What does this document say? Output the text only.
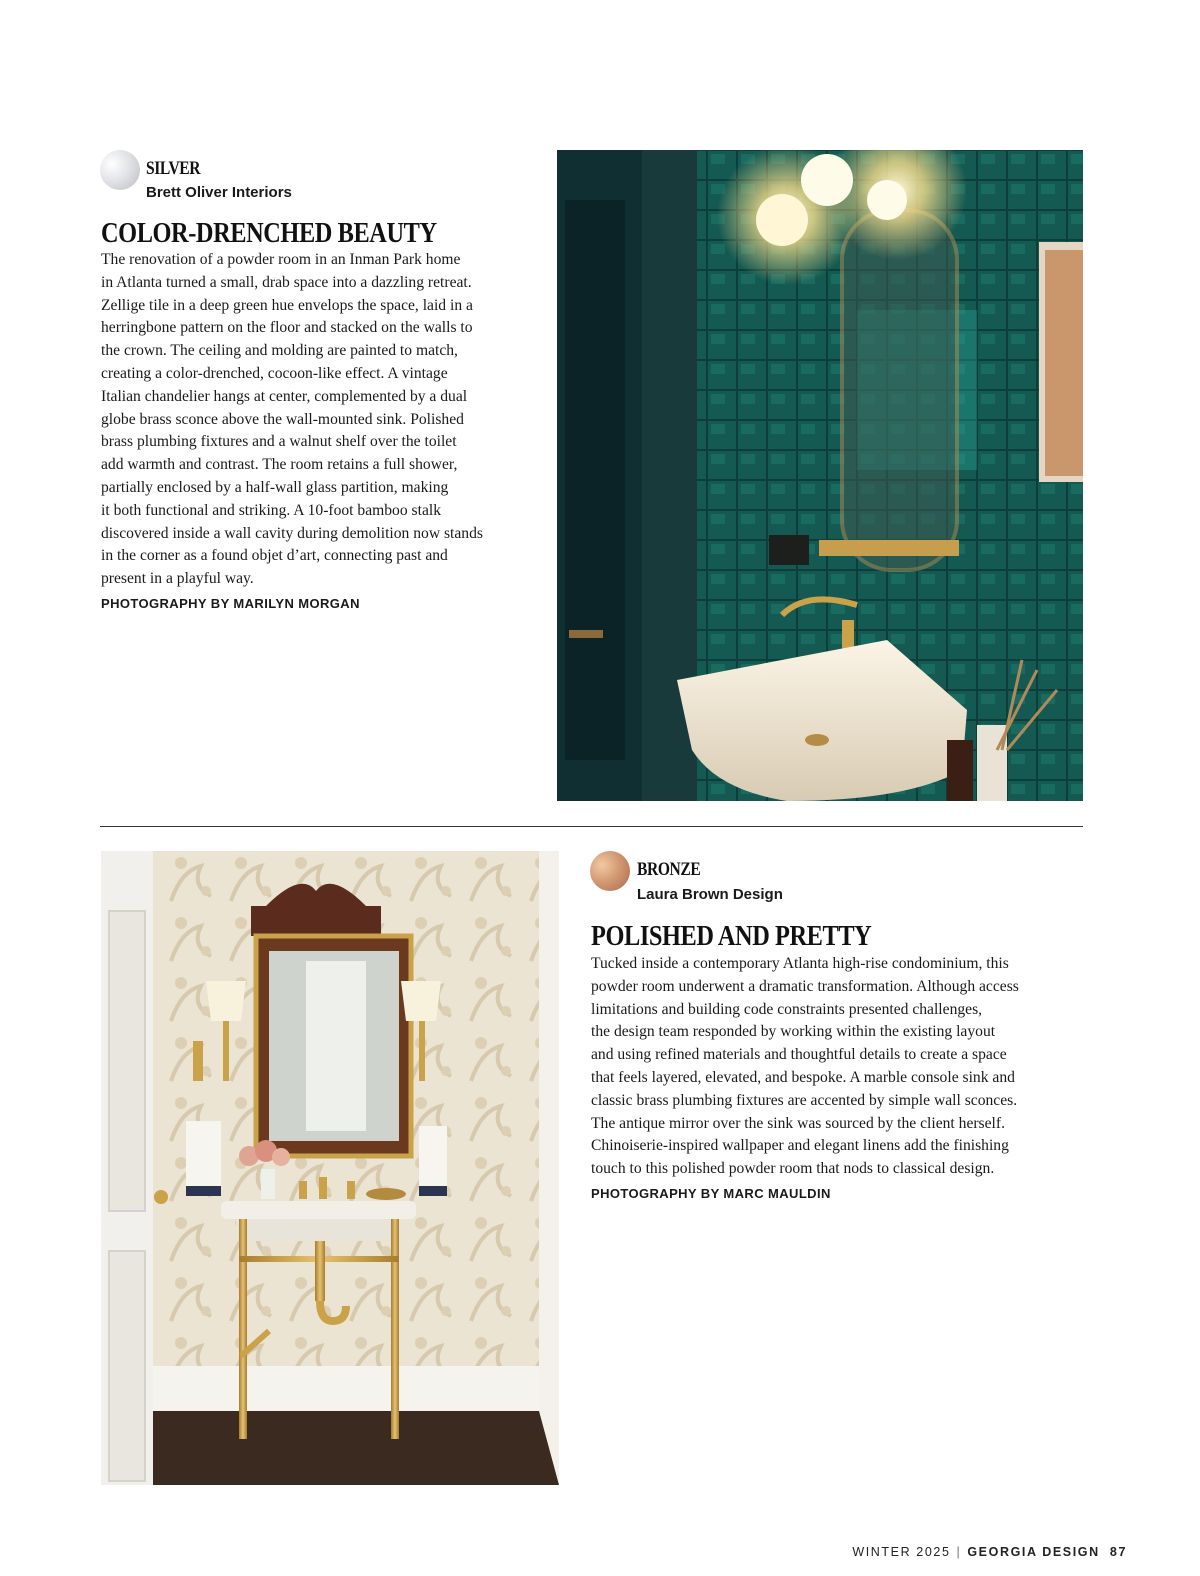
SILVER
Brett Oliver Interiors
COLOR-DRENCHED BEAUTY
The renovation of a powder room in an Inman Park home
in Atlanta turned a small, drab space into a dazzling retreat.
Zellige tile in a deep green hue envelops the space, laid in a
herringbone pattern on the floor and stacked on the walls to
the crown. The ceiling and molding are painted to match,
creating a color-drenched, cocoon-like effect. A vintage
Italian chandelier hangs at center, complemented by a dual
globe brass sconce above the wall-mounted sink. Polished
brass plumbing fixtures and a walnut shelf over the toilet
add warmth and contrast. The room retains a full shower,
partially enclosed by a half-wall glass partition, making
it both functional and striking. A 10-foot bamboo stalk
discovered inside a wall cavity during demolition now stands
in the corner as a found objet d’art, connecting past and
present in a playful way.
PHOTOGRAPHY BY MARILYN MORGAN
BRONZE
Laura Brown Design
POLISHED AND PRETTY
Tucked inside a contemporary Atlanta high-rise condominium, this
powder room underwent a dramatic transformation. Although access
limitations and building code constraints presented challenges,
the design team responded by working within the existing layout
and using refined materials and thoughtful details to create a space
that feels layered, elevated, and bespoke. A marble console sink and
classic brass plumbing fixtures are accented by simple wall sconces.
The antique mirror over the sink was sourced by the client herself.
Chinoiserie-inspired wallpaper and elegant linens add the finishing
touch to this polished powder room that nods to classical design.
PHOTOGRAPHY BY MARC MAULDIN
WINTER 2025 | GEORGIA DESIGN 87
